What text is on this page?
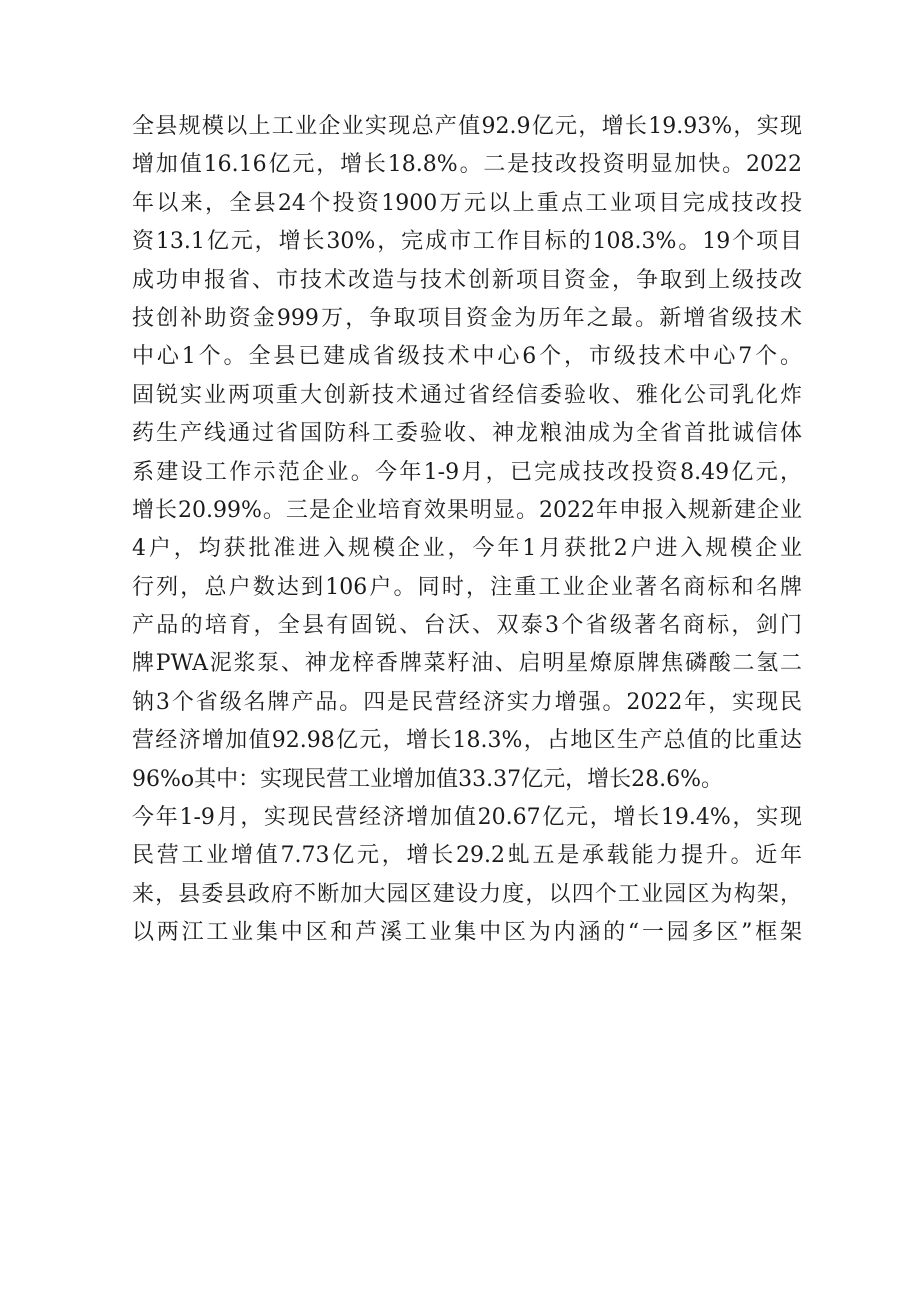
全县规模以上工业企业实现总产值92.9亿元，增长19.93%，实现
增加值16.16亿元，增长18.8%。二是技改投资明显加快。2022
年以来，全县24个投资1900万元以上重点工业项目完成技改投
资13.1亿元，增长30%，完成市工作目标的108.3%。19个项目
成功申报省、市技术改造与技术创新项目资金，争取到上级技改
技创补助资金999万，争取项目资金为历年之最。新增省级技术
中心1个。全县已建成省级技术中心6个，市级技术中心7个。
固锐实业两项重大创新技术通过省经信委验收、雅化公司乳化炸
药生产线通过省国防科工委验收、神龙粮油成为全省首批诚信体
系建设工作示范企业。今年1-9月，已完成技改投资8.49亿元，
增长20.99%。三是企业培育效果明显。2022年申报入规新建企业
4户，均获批准进入规模企业，今年1月获批2户进入规模企业
行列，总户数达到106户。同时，注重工业企业著名商标和名牌
产品的培育，全县有固锐、台沃、双泰3个省级著名商标，剑门
牌PWA泥浆泵、神龙梓香牌菜籽油、启明星燎原牌焦磷酸二氢二
钠3个省级名牌产品。四是民营经济实力增强。2022年，实现民
营经济增加值92.98亿元，增长18.3%，占地区生产总值的比重达
96%o其中：实现民营工业增加值33.37亿元，增长28.6%。
今年1-9月，实现民营经济增加值20.67亿元，增长19.4%，实现
民营工业增值7.73亿元，增长29.2虬五是承载能力提升。近年
来，县委县政府不断加大园区建设力度，以四个工业园区为构架，
以两江工业集中区和芦溪工业集中区为内涵的“一园多区”框架
